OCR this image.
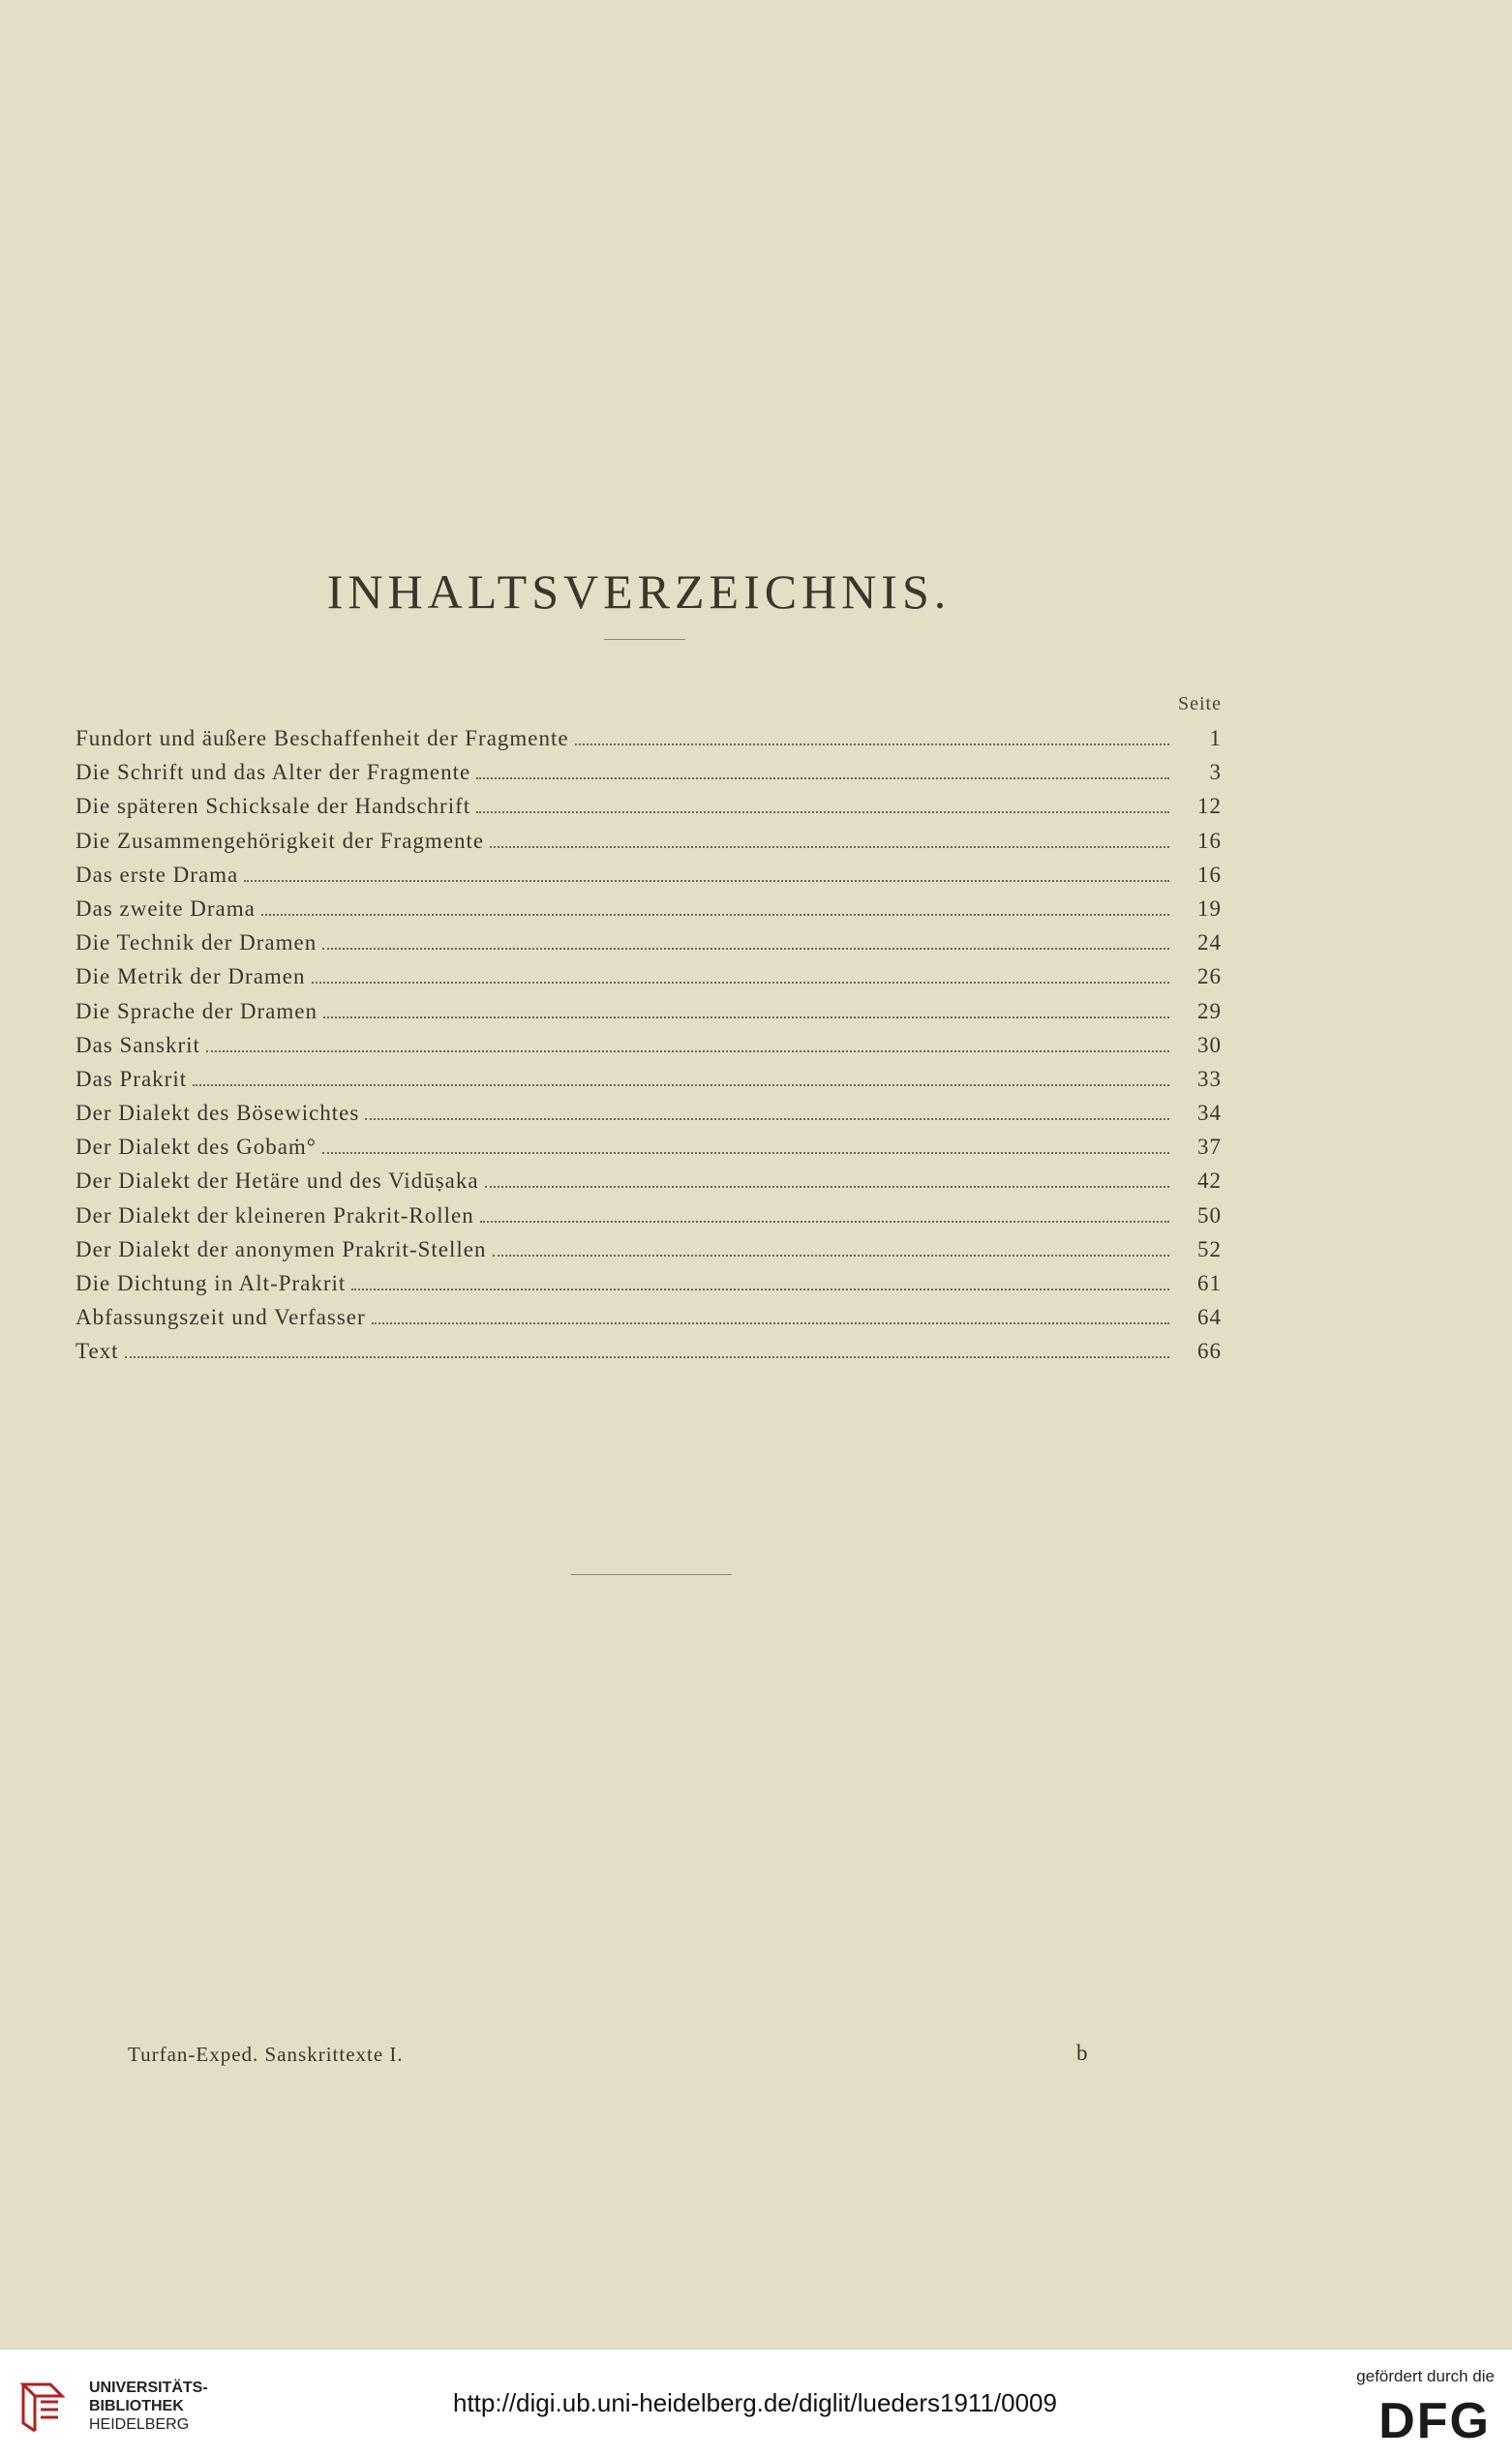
INHALTSVERZEICHNIS.
Seite
Fundort und äußere Beschaffenheit der Fragmente	1
Die Schrift und das Alter der Fragmente	3
Die späteren Schicksale der Handschrift	12
Die Zusammengehörigkeit der Fragmente	16
Das erste Drama	16
Das zweite Drama	19
Die Technik der Dramen	24
Die Metrik der Dramen	26
Die Sprache der Dramen	29
Das Sanskrit	30
Das Prakrit	33
Der Dialekt des Bösewichtes	34
Der Dialekt des Gobaṁ°	37
Der Dialekt der Hetäre und des Vidūṣaka	42
Der Dialekt der kleineren Prakrit-Rollen	50
Der Dialekt der anonymen Prakrit-Stellen	52
Die Dichtung in Alt-Prakrit	61
Abfassungszeit und Verfasser	64
Text	66
Turfan-Exped. Sanskrittexte I.	b
UNIVERSITÄTS-
BIBLIOTHEK
HEIDELBERG
http://digi.ub.uni-heidelberg.de/diglit/lueders1911/0009
gefördert durch die
DFG
